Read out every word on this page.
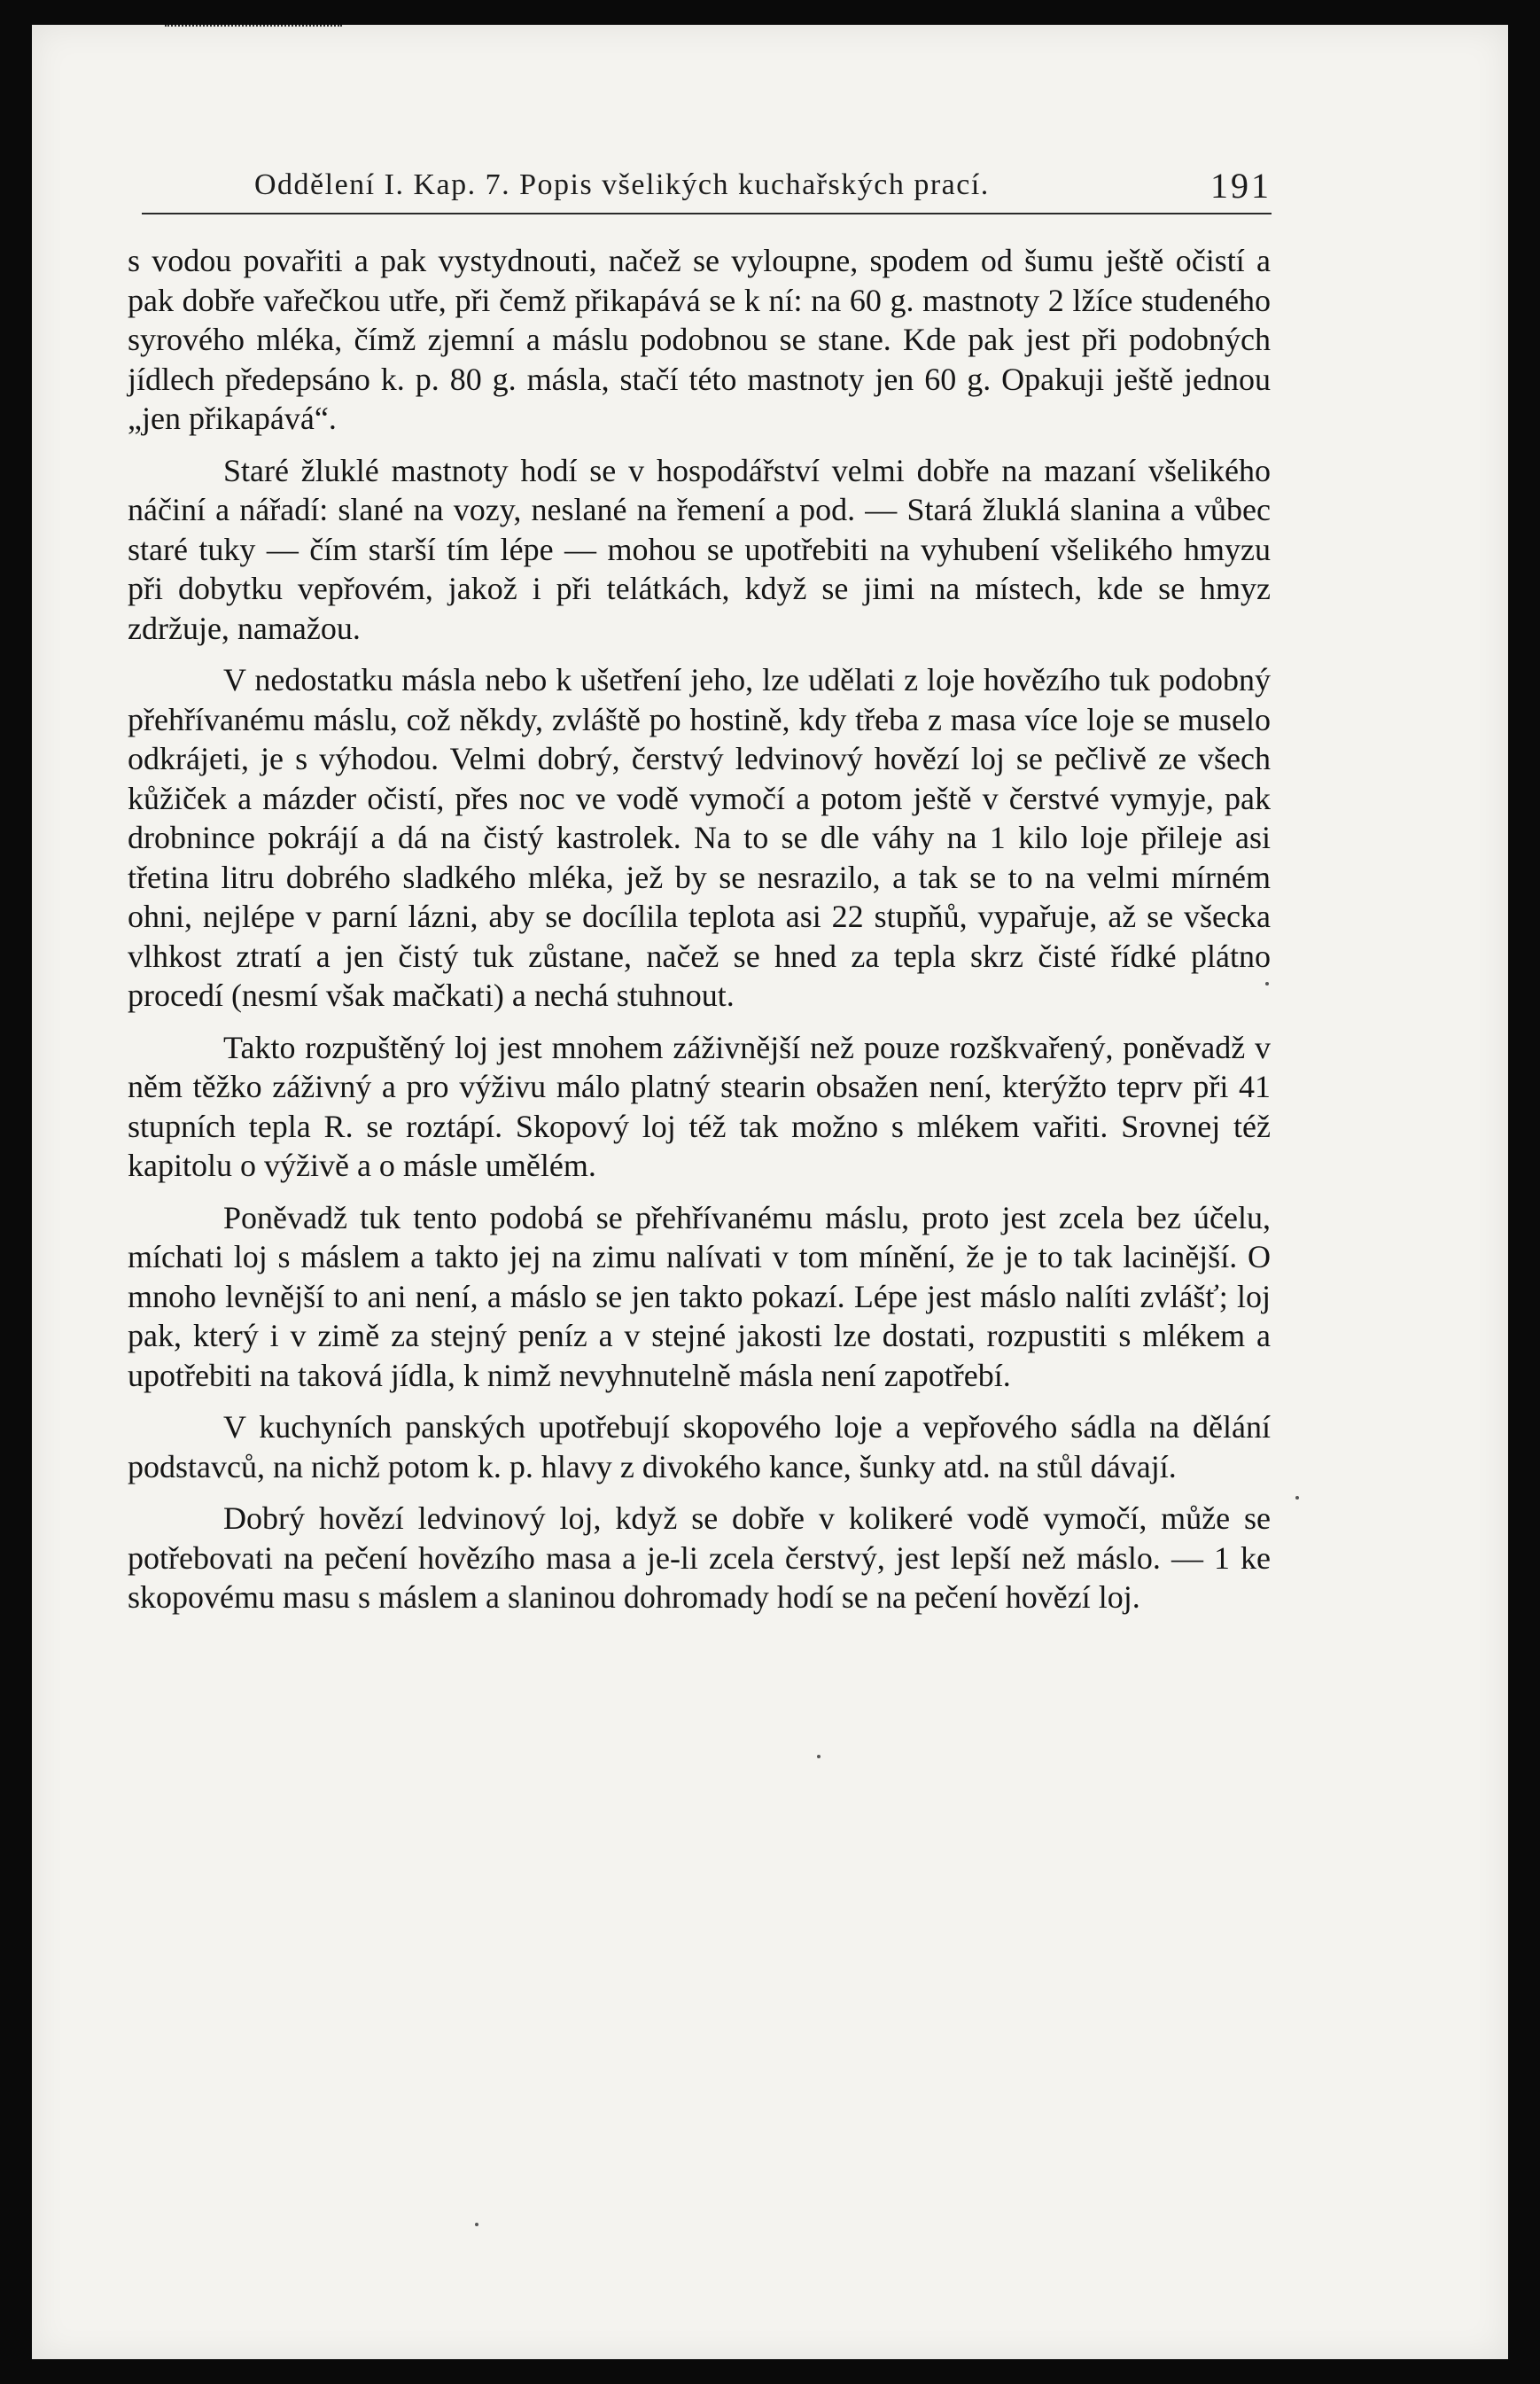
Oddělení I. Kap. 7. Popis všelikých kuchařských prací.	191

s vodou povařiti a pak vystydnouti, načež se vyloupne, spodem od šumu ještě očistí a pak dobře vařečkou utře, při čemž přikapává se k ní: na 60 g. mastnoty 2 lžíce studeného syrového mléka, čímž zjemní a máslu podobnou se stane. Kde pak jest při podobných jídlech předepsáno k. p. 80 g. másla, stačí této mastnoty jen 60 g. Opakuji ještě jednou „jen přikapává“.

Staré žluklé mastnoty hodí se v hospodářství velmi dobře na mazaní všelikého náčiní a nářadí: slané na vozy, neslané na řemení a pod. — Stará žluklá slanina a vůbec staré tuky — čím starší tím lépe — mohou se upotřebiti na vyhubení všelikého hmyzu při dobytku vepřovém, jakož i při telátkách, když se jimi na místech, kde se hmyz zdržuje, namažou.

V nedostatku másla nebo k ušetření jeho, lze udělati z loje hovězího tuk podobný přehřívanému máslu, což někdy, zvláště po hostině, kdy třeba z masa více loje se muselo odkrájeti, je s výhodou. Velmi dobrý, čerstvý ledvinový hovězí loj se pečlivě ze všech kůžiček a mázder očistí, přes noc ve vodě vymočí a potom ještě v čerstvé vymyje, pak drobnince pokrájí a dá na čistý kastrolek. Na to se dle váhy na 1 kilo loje přileje asi třetina litru dobrého sladkého mléka, jež by se nesrazilo, a tak se to na velmi mírném ohni, nejlépe v parní lázni, aby se docílila teplota asi 22 stupňů, vypařuje, až se všecka vlhkost ztratí a jen čistý tuk zůstane, načež se hned za tepla skrz čisté řídké plátno procedí (nesmí však mačkati) a nechá stuhnout.

Takto rozpuštěný loj jest mnohem záživnější než pouze rozškvařený, poněvadž v něm těžko záživný a pro výživu málo platný stearin obsažen není, kterýžto teprv při 41 stupních tepla R. se roztápí. Skopový loj též tak možno s mlékem vařiti. Srovnej též kapitolu o výživě a o másle umělém.

Poněvadž tuk tento podobá se přehřívanému máslu, proto jest zcela bez účelu, míchati loj s máslem a takto jej na zimu nalívati v tom mínění, že je to tak lacinější. O mnoho levnější to ani není, a máslo se jen takto pokazí. Lépe jest máslo nalíti zvlášť; loj pak, který i v zimě za stejný peníz a v stejné jakosti lze dostati, rozpustiti s mlékem a upotřebiti na taková jídla, k nimž nevyhnutelně másla není zapotřebí.

V kuchyních panských upotřebují skopového loje a vepřového sádla na dělání podstavců, na nichž potom k. p. hlavy z divokého kance, šunky atd. na stůl dávají.

Dobrý hovězí ledvinový loj, když se dobře v kolikeré vodě vymočí, může se potřebovati na pečení hovězího masa a je-li zcela čerstvý, jest lepší než máslo. — 1 ke skopovému masu s máslem a slaninou dohromady hodí se na pečení hovězí loj.
